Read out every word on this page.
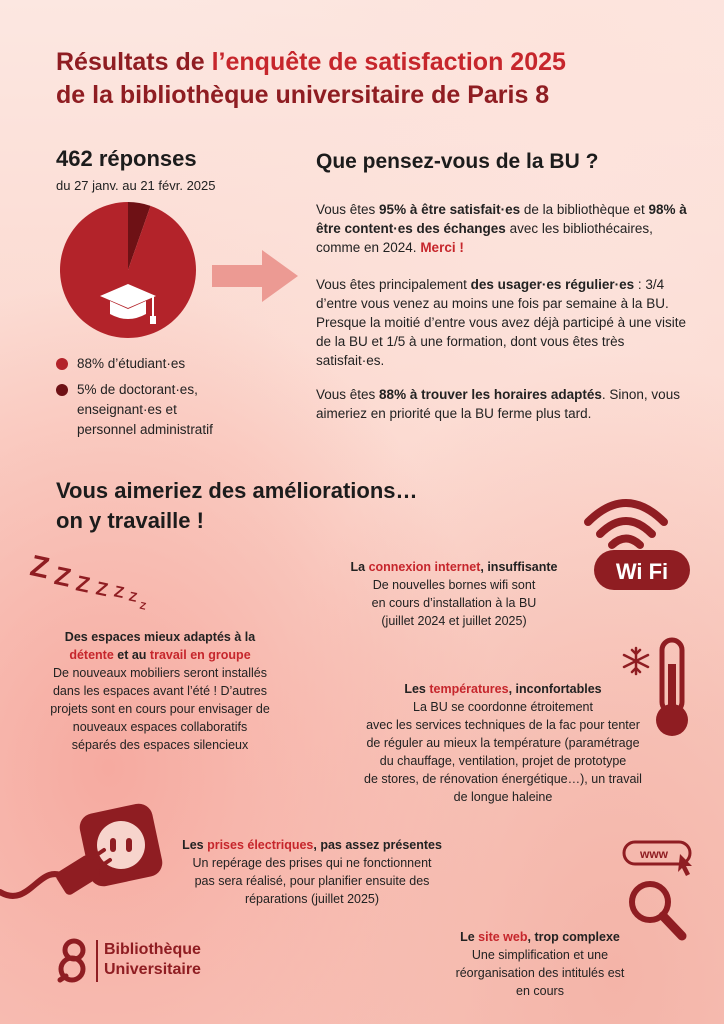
Résultats de l’enquête de satisfaction 2025
de la bibliothèque universitaire de Paris 8
462 réponses
du 27 janv. au 21 févr. 2025
88% d’étudiant·es
5% de doctorant·es,
enseignant·es et
personnel administratif
Que pensez-vous de la BU ?
Vous êtes 95% à être satisfait·es de la bibliothèque et 98% à être content·es des échanges avec les bibliothécaires, comme en 2024. Merci !
Vous êtes principalement des usager·es régulier·es : 3/4 d’entre vous venez au moins une fois par semaine à la BU. Presque la moitié d’entre vous avez déjà participé à une visite de la BU et 1/5 à une formation, dont vous êtes très satisfait·es.
Vous êtes 88% à trouver les horaires adaptés. Sinon, vous aimeriez en priorité que la BU ferme plus tard.
Vous aimeriez des améliorations…
on y travaille !
Z Z Z Z Z Z
Z
Des espaces mieux adaptés à la
détente et au travail en groupe
De nouveaux mobiliers seront installés
dans les espaces avant l’été ! D’autres
projets sont en cours pour envisager de
nouveaux espaces collaboratifs
séparés des espaces silencieux
La connexion internet, insuffisante
De nouvelles bornes wifi sont
en cours d’installation à la BU
(juillet 2024 et juillet 2025)
Wi Fi
Les températures, inconfortables
La BU se coordonne étroitement
avec les services techniques de la fac pour tenter
de réguler au mieux la température (paramétrage
du chauffage, ventilation, projet de prototype
de stores, de rénovation énergétique…), un travail
de longue haleine
Les prises électriques, pas assez présentes
Un repérage des prises qui ne fonctionnent
pas sera réalisé, pour planifier ensuite des
réparations (juillet 2025)
www
Le site web, trop complexe
Une simplification et une
réorganisation des intitulés est
en cours
Bibliothèque
Universitaire
